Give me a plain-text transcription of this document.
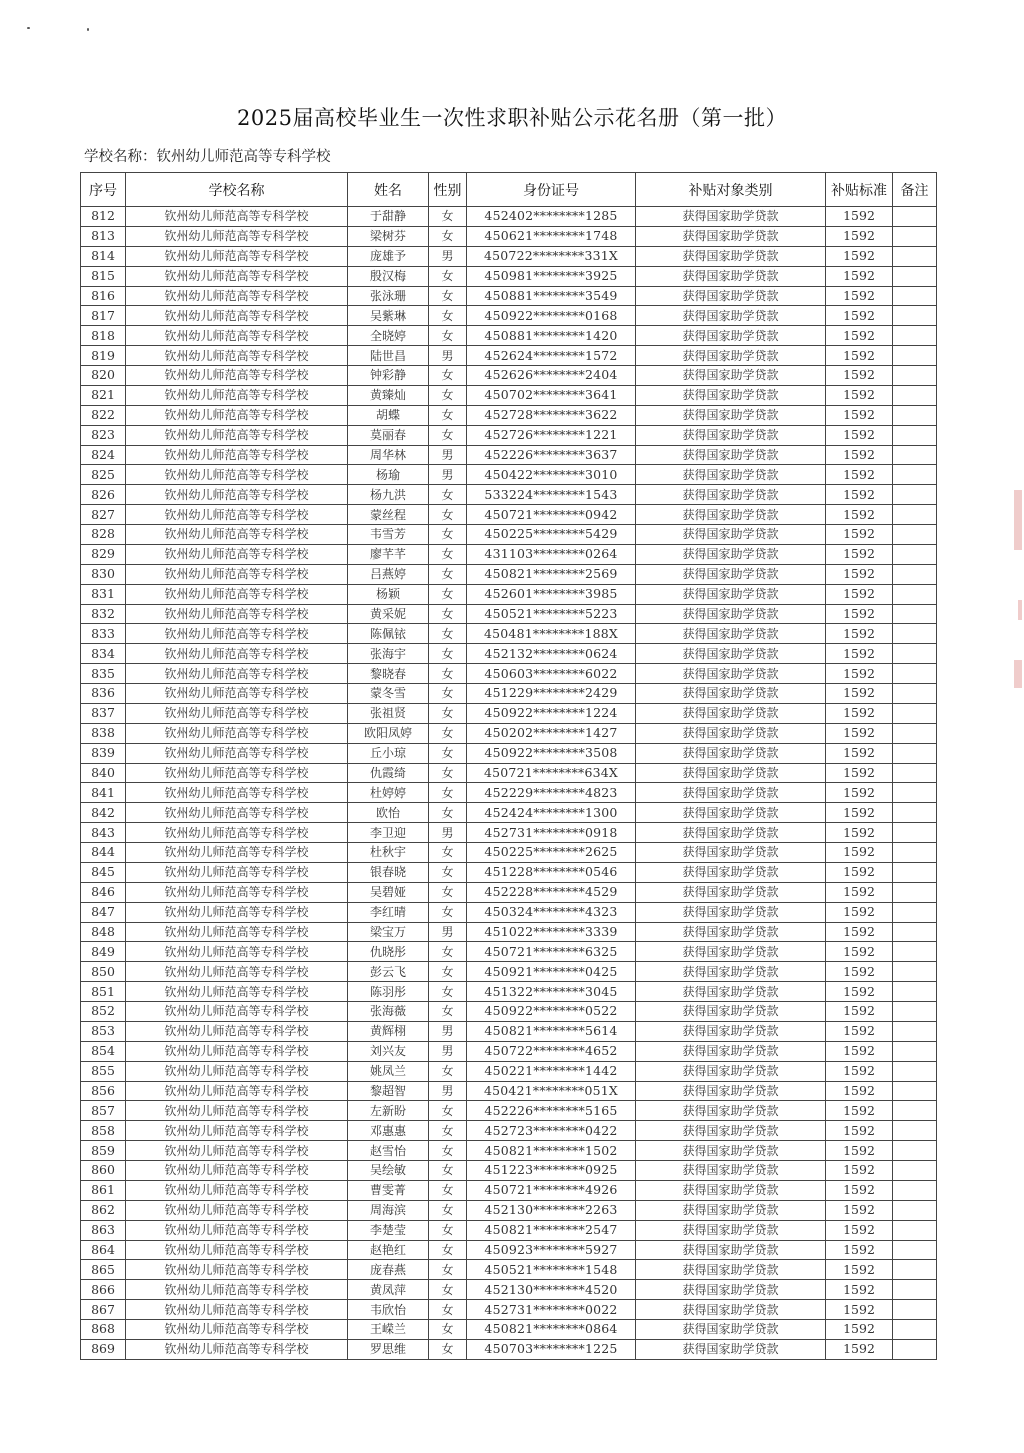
2025届高校毕业生一次性求职补贴公示花名册（第一批）
学校名称：钦州幼儿师范高等专科学校
序号	学校名称	姓名	性别	身份证号	补贴对象类别	补贴标准	备注
812	钦州幼儿师范高等专科学校	于甜静	女	452402********1285	获得国家助学贷款	1592	
813	钦州幼儿师范高等专科学校	梁树芬	女	450621********1748	获得国家助学贷款	1592	
814	钦州幼儿师范高等专科学校	庞雄予	男	450722********331X	获得国家助学贷款	1592	
815	钦州幼儿师范高等专科学校	殷汉梅	女	450981********3925	获得国家助学贷款	1592	
816	钦州幼儿师范高等专科学校	张泳珊	女	450881********3549	获得国家助学贷款	1592	
817	钦州幼儿师范高等专科学校	吴紫琳	女	450922********0168	获得国家助学贷款	1592	
818	钦州幼儿师范高等专科学校	全晓婷	女	450881********1420	获得国家助学贷款	1592	
819	钦州幼儿师范高等专科学校	陆世昌	男	452624********1572	获得国家助学贷款	1592	
820	钦州幼儿师范高等专科学校	钟彩静	女	452626********2404	获得国家助学贷款	1592	
821	钦州幼儿师范高等专科学校	黄臻灿	女	450702********3641	获得国家助学贷款	1592	
822	钦州幼儿师范高等专科学校	胡蝶	女	452728********3622	获得国家助学贷款	1592	
823	钦州幼儿师范高等专科学校	莫丽春	女	452726********1221	获得国家助学贷款	1592	
824	钦州幼儿师范高等专科学校	周华林	男	452226********3637	获得国家助学贷款	1592	
825	钦州幼儿师范高等专科学校	杨瑜	男	450422********3010	获得国家助学贷款	1592	
826	钦州幼儿师范高等专科学校	杨九洪	女	533224********1543	获得国家助学贷款	1592	
827	钦州幼儿师范高等专科学校	蒙丝程	女	450721********0942	获得国家助学贷款	1592	
828	钦州幼儿师范高等专科学校	韦雪芳	女	450225********5429	获得国家助学贷款	1592	
829	钦州幼儿师范高等专科学校	廖芊芊	女	431103********0264	获得国家助学贷款	1592	
830	钦州幼儿师范高等专科学校	吕燕婷	女	450821********2569	获得国家助学贷款	1592	
831	钦州幼儿师范高等专科学校	杨颖	女	452601********3985	获得国家助学贷款	1592	
832	钦州幼儿师范高等专科学校	黄采妮	女	450521********5223	获得国家助学贷款	1592	
833	钦州幼儿师范高等专科学校	陈佩铱	女	450481********188X	获得国家助学贷款	1592	
834	钦州幼儿师范高等专科学校	张海宇	女	452132********0624	获得国家助学贷款	1592	
835	钦州幼儿师范高等专科学校	黎晓春	女	450603********6022	获得国家助学贷款	1592	
836	钦州幼儿师范高等专科学校	蒙冬雪	女	451229********2429	获得国家助学贷款	1592	
837	钦州幼儿师范高等专科学校	张祖贤	女	450922********1224	获得国家助学贷款	1592	
838	钦州幼儿师范高等专科学校	欧阳凤婷	女	450202********1427	获得国家助学贷款	1592	
839	钦州幼儿师范高等专科学校	丘小琼	女	450922********3508	获得国家助学贷款	1592	
840	钦州幼儿师范高等专科学校	仇霞绮	女	450721********634X	获得国家助学贷款	1592	
841	钦州幼儿师范高等专科学校	杜婷婷	女	452229********4823	获得国家助学贷款	1592	
842	钦州幼儿师范高等专科学校	欧怡	女	452424********1300	获得国家助学贷款	1592	
843	钦州幼儿师范高等专科学校	李卫迎	男	452731********0918	获得国家助学贷款	1592	
844	钦州幼儿师范高等专科学校	杜秋宇	女	450225********2625	获得国家助学贷款	1592	
845	钦州幼儿师范高等专科学校	银春晓	女	451228********0546	获得国家助学贷款	1592	
846	钦州幼儿师范高等专科学校	吴碧娅	女	452228********4529	获得国家助学贷款	1592	
847	钦州幼儿师范高等专科学校	李红晴	女	450324********4323	获得国家助学贷款	1592	
848	钦州幼儿师范高等专科学校	梁宝万	男	451022********3339	获得国家助学贷款	1592	
849	钦州幼儿师范高等专科学校	仇晓彤	女	450721********6325	获得国家助学贷款	1592	
850	钦州幼儿师范高等专科学校	彭云飞	女	450921********0425	获得国家助学贷款	1592	
851	钦州幼儿师范高等专科学校	陈羽彤	女	451322********3045	获得国家助学贷款	1592	
852	钦州幼儿师范高等专科学校	张海薇	女	450922********0522	获得国家助学贷款	1592	
853	钦州幼儿师范高等专科学校	黄辉栩	男	450821********5614	获得国家助学贷款	1592	
854	钦州幼儿师范高等专科学校	刘兴友	男	450722********4652	获得国家助学贷款	1592	
855	钦州幼儿师范高等专科学校	姚凤兰	女	450221********1442	获得国家助学贷款	1592	
856	钦州幼儿师范高等专科学校	黎超智	男	450421********051X	获得国家助学贷款	1592	
857	钦州幼儿师范高等专科学校	左新盼	女	452226********5165	获得国家助学贷款	1592	
858	钦州幼儿师范高等专科学校	邓惠惠	女	452723********0422	获得国家助学贷款	1592	
859	钦州幼儿师范高等专科学校	赵雪怡	女	450821********1502	获得国家助学贷款	1592	
860	钦州幼儿师范高等专科学校	吴绘敏	女	451223********0925	获得国家助学贷款	1592	
861	钦州幼儿师范高等专科学校	曹雯菁	女	450721********4926	获得国家助学贷款	1592	
862	钦州幼儿师范高等专科学校	周海滨	女	452130********2263	获得国家助学贷款	1592	
863	钦州幼儿师范高等专科学校	李楚莹	女	450821********2547	获得国家助学贷款	1592	
864	钦州幼儿师范高等专科学校	赵艳红	女	450923********5927	获得国家助学贷款	1592	
865	钦州幼儿师范高等专科学校	庞春燕	女	450521********1548	获得国家助学贷款	1592	
866	钦州幼儿师范高等专科学校	黄凤萍	女	452130********4520	获得国家助学贷款	1592	
867	钦州幼儿师范高等专科学校	韦欣怡	女	452731********0022	获得国家助学贷款	1592	
868	钦州幼儿师范高等专科学校	王嵘兰	女	450821********0864	获得国家助学贷款	1592	
869	钦州幼儿师范高等专科学校	罗思维	女	450703********1225	获得国家助学贷款	1592	
